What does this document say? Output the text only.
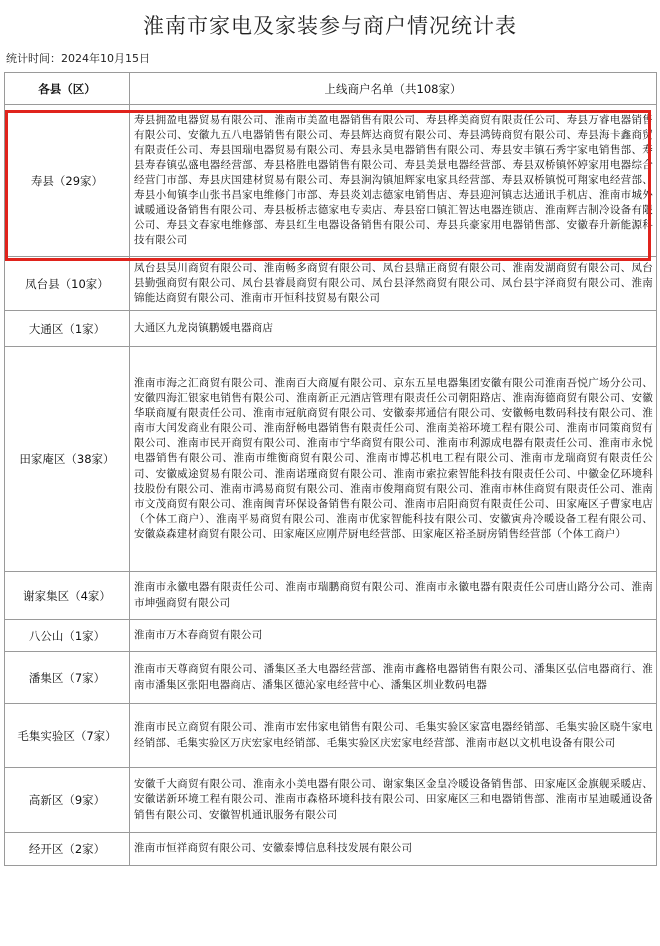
淮南市家电及家装参与商户情况统计表
统计时间：2024年10月15日
各县（区）	上线商户名单（共108家）
寿县（29家）	寿县拥盈电器贸易有限公司、淮南市美盈电器销售有限公司、寿县桦美商贸有限责任公司、寿县万睿电器销售有限公司、安徽九五八电器销售有限公司、寿县辉达商贸有限公司、寿县鸿铸商贸有限公司、寿县海卡鑫商贸有限责任公司、寿县国瑞电器贸易有限公司、寿县永昊电器销售有限公司、寿县安丰镇石秀宇家电销售部、寿县寿春镇弘盛电器经营部、寿县格胜电器销售有限公司、寿县美景电器经营部、寿县双桥镇怀婷家用电器综合经营门市部、寿县庆国建材贸易有限公司、寿县涧沟镇旭辉家电家具经营部、寿县双桥镇悦可翔家电经营部、寿县小甸镇李山张书昌家电维修门市部、寿县炎刘志德家电销售店、寿县迎河镇志达通讯手机店、淮南市城外诚暖通设备销售有限公司、寿县板桥志德家电专卖店、寿县窑口镇汇智达电器连锁店、淮南辉吉制冷设备有限公司、寿县文春家电维修部、寿县红生电器设备销售有限公司、寿县兵豪家用电器销售部、安徽春升新能源科技有限公司
凤台县（10家）	凤台县昊川商贸有限公司、淮南畅多商贸有限公司、凤台县鼎正商贸有限公司、淮南发湖商贸有限公司、凤台县勤强商贸有限公司、凤台县睿晨商贸有限公司、凤台县泽然商贸有限公司、凤台县宇泽商贸有限公司、淮南锦能达商贸有限公司、淮南市开恒科技贸易有限公司
大通区（1家）	大通区九龙岗镇鹏媛电器商店
田家庵区（38家）	淮南市海之汇商贸有限公司、淮南百大商厦有限公司、京东五星电器集团安徽有限公司淮南吾悦广场分公司、安徽四海汇银家电销售有限公司、淮南新正元酒店管理有限责任公司朝阳路店、淮南海德商贸有限公司、安徽华联商厦有限责任公司、淮南市冠航商贸有限公司、安徽泰邦通信有限公司、安徽畅电数码科技有限公司、淮南市大闰发商业有限公司、淮南舒畅电器销售有限责任公司、淮南美裕环境工程有限公司、淮南市同策商贸有限公司、淮南市民开商贸有限公司、淮南市宁华商贸有限公司、淮南市利源成电器有限责任公司、淮南市永悦电器销售有限公司、淮南市维衡商贸有限公司、淮南市博芯机电工程有限公司、淮南市龙瑞商贸有限责任公司、安徽威途贸易有限公司、淮南诺瑾商贸有限公司、淮南市索拉索智能科技有限责任公司、中徽金亿环境科技股份有限公司、淮南市鸿易商贸有限公司、淮南市俊翔商贸有限公司、淮南市林佳商贸有限责任公司、淮南市文茂商贸有限公司、淮南闽青环保设备销售有限公司、淮南市启阳商贸有限责任公司、田家庵区子曹家电店（个体工商户）、淮南平易商贸有限公司、淮南市优家智能科技有限公司、安徽寅舟冷暖设备工程有限公司、安徽焱森建材商贸有限公司、田家庵区应刚芹厨电经营部、田家庵区裕圣厨房销售经营部（个体工商户）
谢家集区（4家）	淮南市永徽电器有限责任公司、淮南市瑞鹏商贸有限公司、淮南市永徽电器有限责任公司唐山路分公司、淮南市坤强商贸有限公司
八公山（1家）	淮南市万木春商贸有限公司
潘集区（7家）	淮南市天尊商贸有限公司、潘集区圣大电器经营部、淮南市鑫格电器销售有限公司、潘集区弘信电器商行、淮南市潘集区张阳电器商店、潘集区德沁家电经营中心、潘集区圳业数码电器
毛集实验区（7家）	淮南市民立商贸有限公司、淮南市宏伟家电销售有限公司、毛集实验区家富电器经销部、毛集实验区晓牛家电经销部、毛集实验区万庆宏家电经销部、毛集实验区庆宏家电经营部、淮南市赵以文机电设备有限公司
高新区（9家）	安徽千大商贸有限公司、淮南永小美电器有限公司、谢家集区金皇冷暖设备销售部、田家庵区金旗舰采暖店、安徽诺新环境工程有限公司、淮南市森格环境科技有限公司、田家庵区三和电器销售部、淮南市星迪暖通设备销售有限公司、安徽智机通讯服务有限公司
经开区（2家）	淮南市恒祥商贸有限公司、安徽泰博信息科技发展有限公司
